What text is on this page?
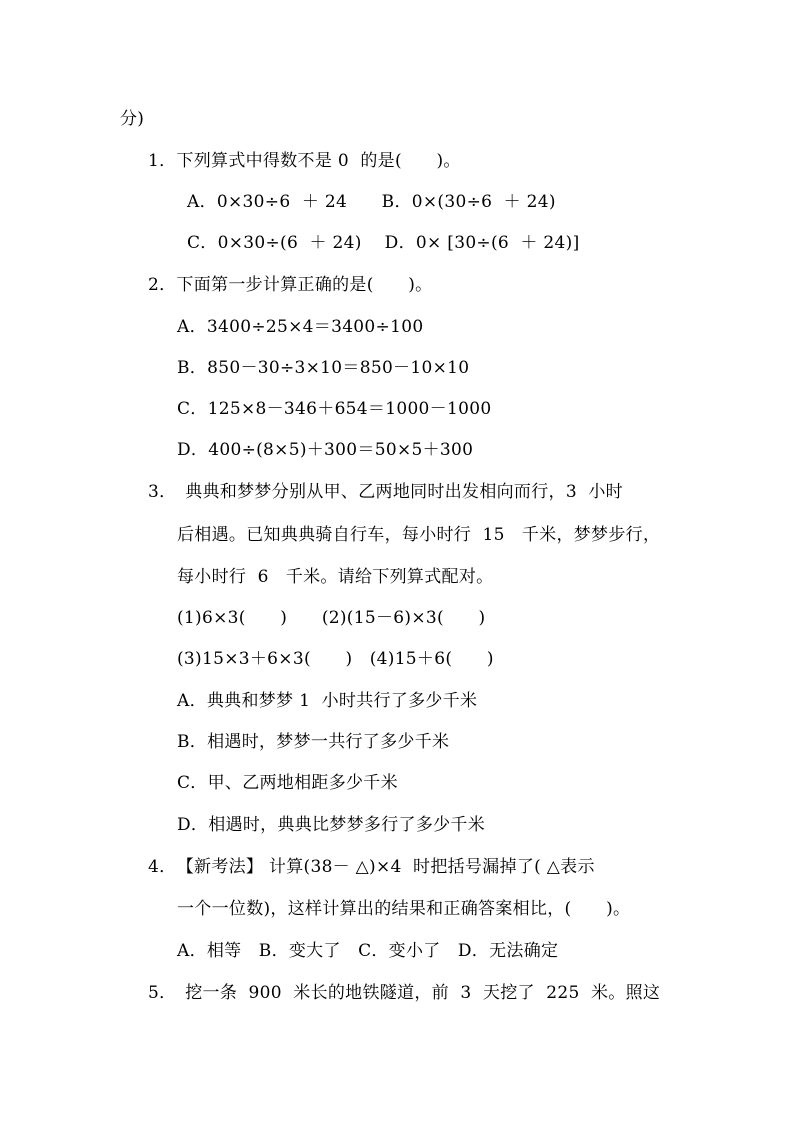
分)
1．下列算式中得数不是 0  的是(　　)。
A．0×30÷6  ＋ 24　　B．0×(30÷6  ＋ 24)
C．0×30÷(6  ＋ 24)　 D．0× [30÷(6  ＋ 24)]
2．下面第一步计算正确的是(　　)。
A．3400÷25×4＝3400÷100
B．850－30÷3×10＝850－10×10
C．125×8－346＋654＝1000－1000
D．400÷(8×5)＋300＝50×5＋300
3．　典典和梦梦分别从甲、乙两地同时出发相向而行，3  小时
后相遇。已知典典骑自行车，每小时行  15   千米，梦梦步行，
每小时行  6   千米。请给下列算式配对。
(1)6×3(　　)　　(2)(15－6)×3(　　)
(3)15×3＋6×3(　　)　(4)15＋6(　　)
A．典典和梦梦 1  小时共行了多少千米
B．相遇时，梦梦一共行了多少千米
C．甲、乙两地相距多少千米
D．相遇时，典典比梦梦多行了多少千米
4．　【新考法】 计算(38－ △)×4  时把括号漏掉了( △表示
一个一位数)，这样计算出的结果和正确答案相比，(　　)。
A．相等　B．变大了　C．变小了　D．无法确定
5．　挖一条  900  米长的地铁隧道，前  3  天挖了  225  米。照这
